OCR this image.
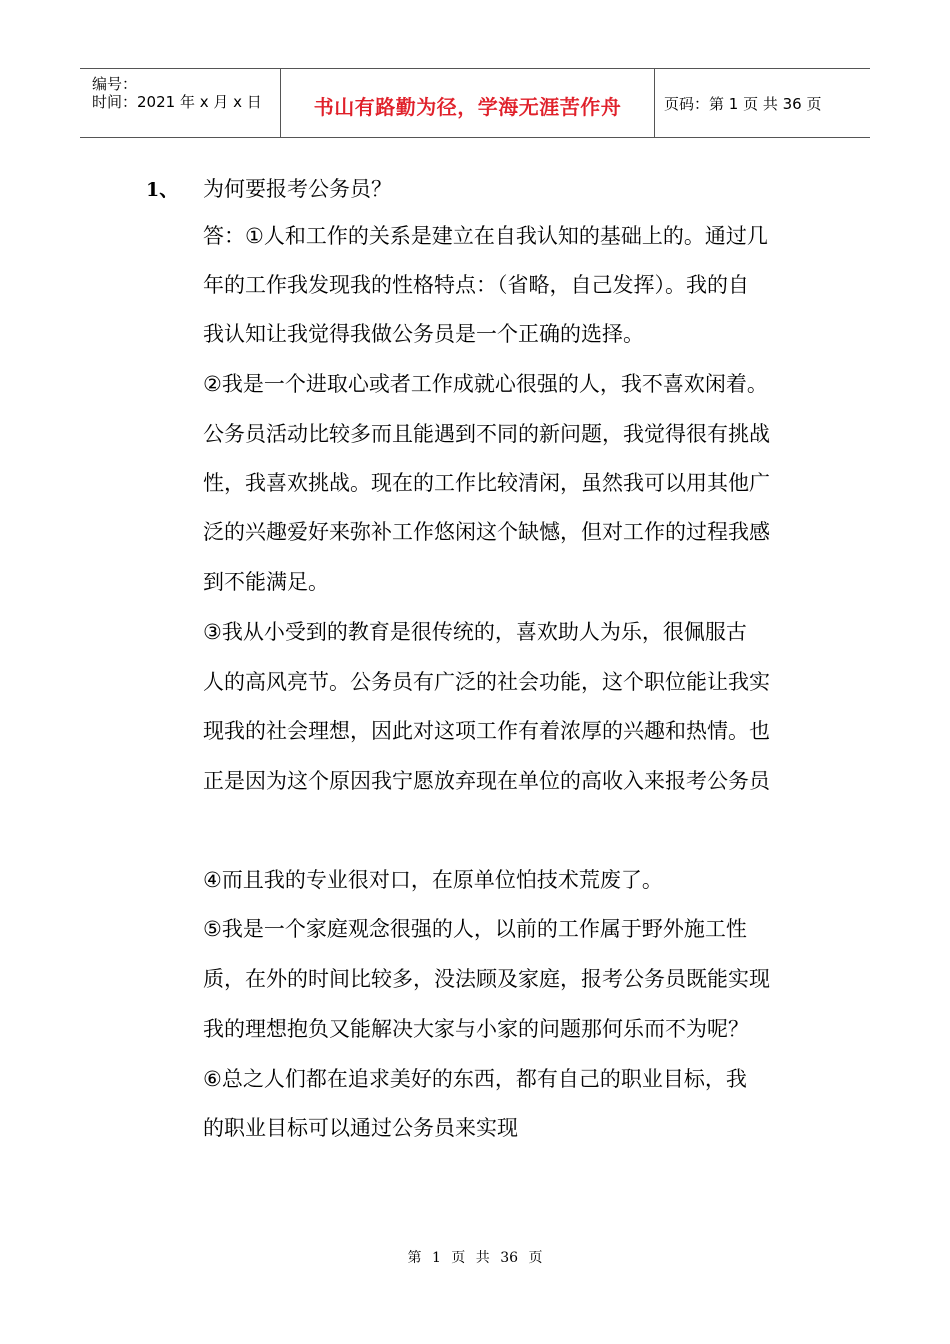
编号：
时间：2021 年 x 月 x 日	书山有路勤为径，学海无涯苦作舟	页码：第 1 页 共 36 页
1、 为何要报考公务员？
答：①人和工作的关系是建立在自我认知的基础上的。通过几
年的工作我发现我的性格特点：（省略，自己发挥）。我的自
我认知让我觉得我做公务员是一个正确的选择。
②我是一个进取心或者工作成就心很强的人，我不喜欢闲着。
公务员活动比较多而且能遇到不同的新问题，我觉得很有挑战
性，我喜欢挑战。现在的工作比较清闲，虽然我可以用其他广
泛的兴趣爱好来弥补工作悠闲这个缺憾，但对工作的过程我感
到不能满足。
③我从小受到的教育是很传统的，喜欢助人为乐，很佩服古
人的高风亮节。公务员有广泛的社会功能，这个职位能让我实
现我的社会理想，因此对这项工作有着浓厚的兴趣和热情。也
正是因为这个原因我宁愿放弃现在单位的高收入来报考公务员
④而且我的专业很对口，在原单位怕技术荒废了。
⑤我是一个家庭观念很强的人，以前的工作属于野外施工性
质，在外的时间比较多，没法顾及家庭，报考公务员既能实现
我的理想抱负又能解决大家与小家的问题那何乐而不为呢？
⑥总之人们都在追求美好的东西，都有自己的职业目标，我
的职业目标可以通过公务员来实现
第 1 页 共 36 页
